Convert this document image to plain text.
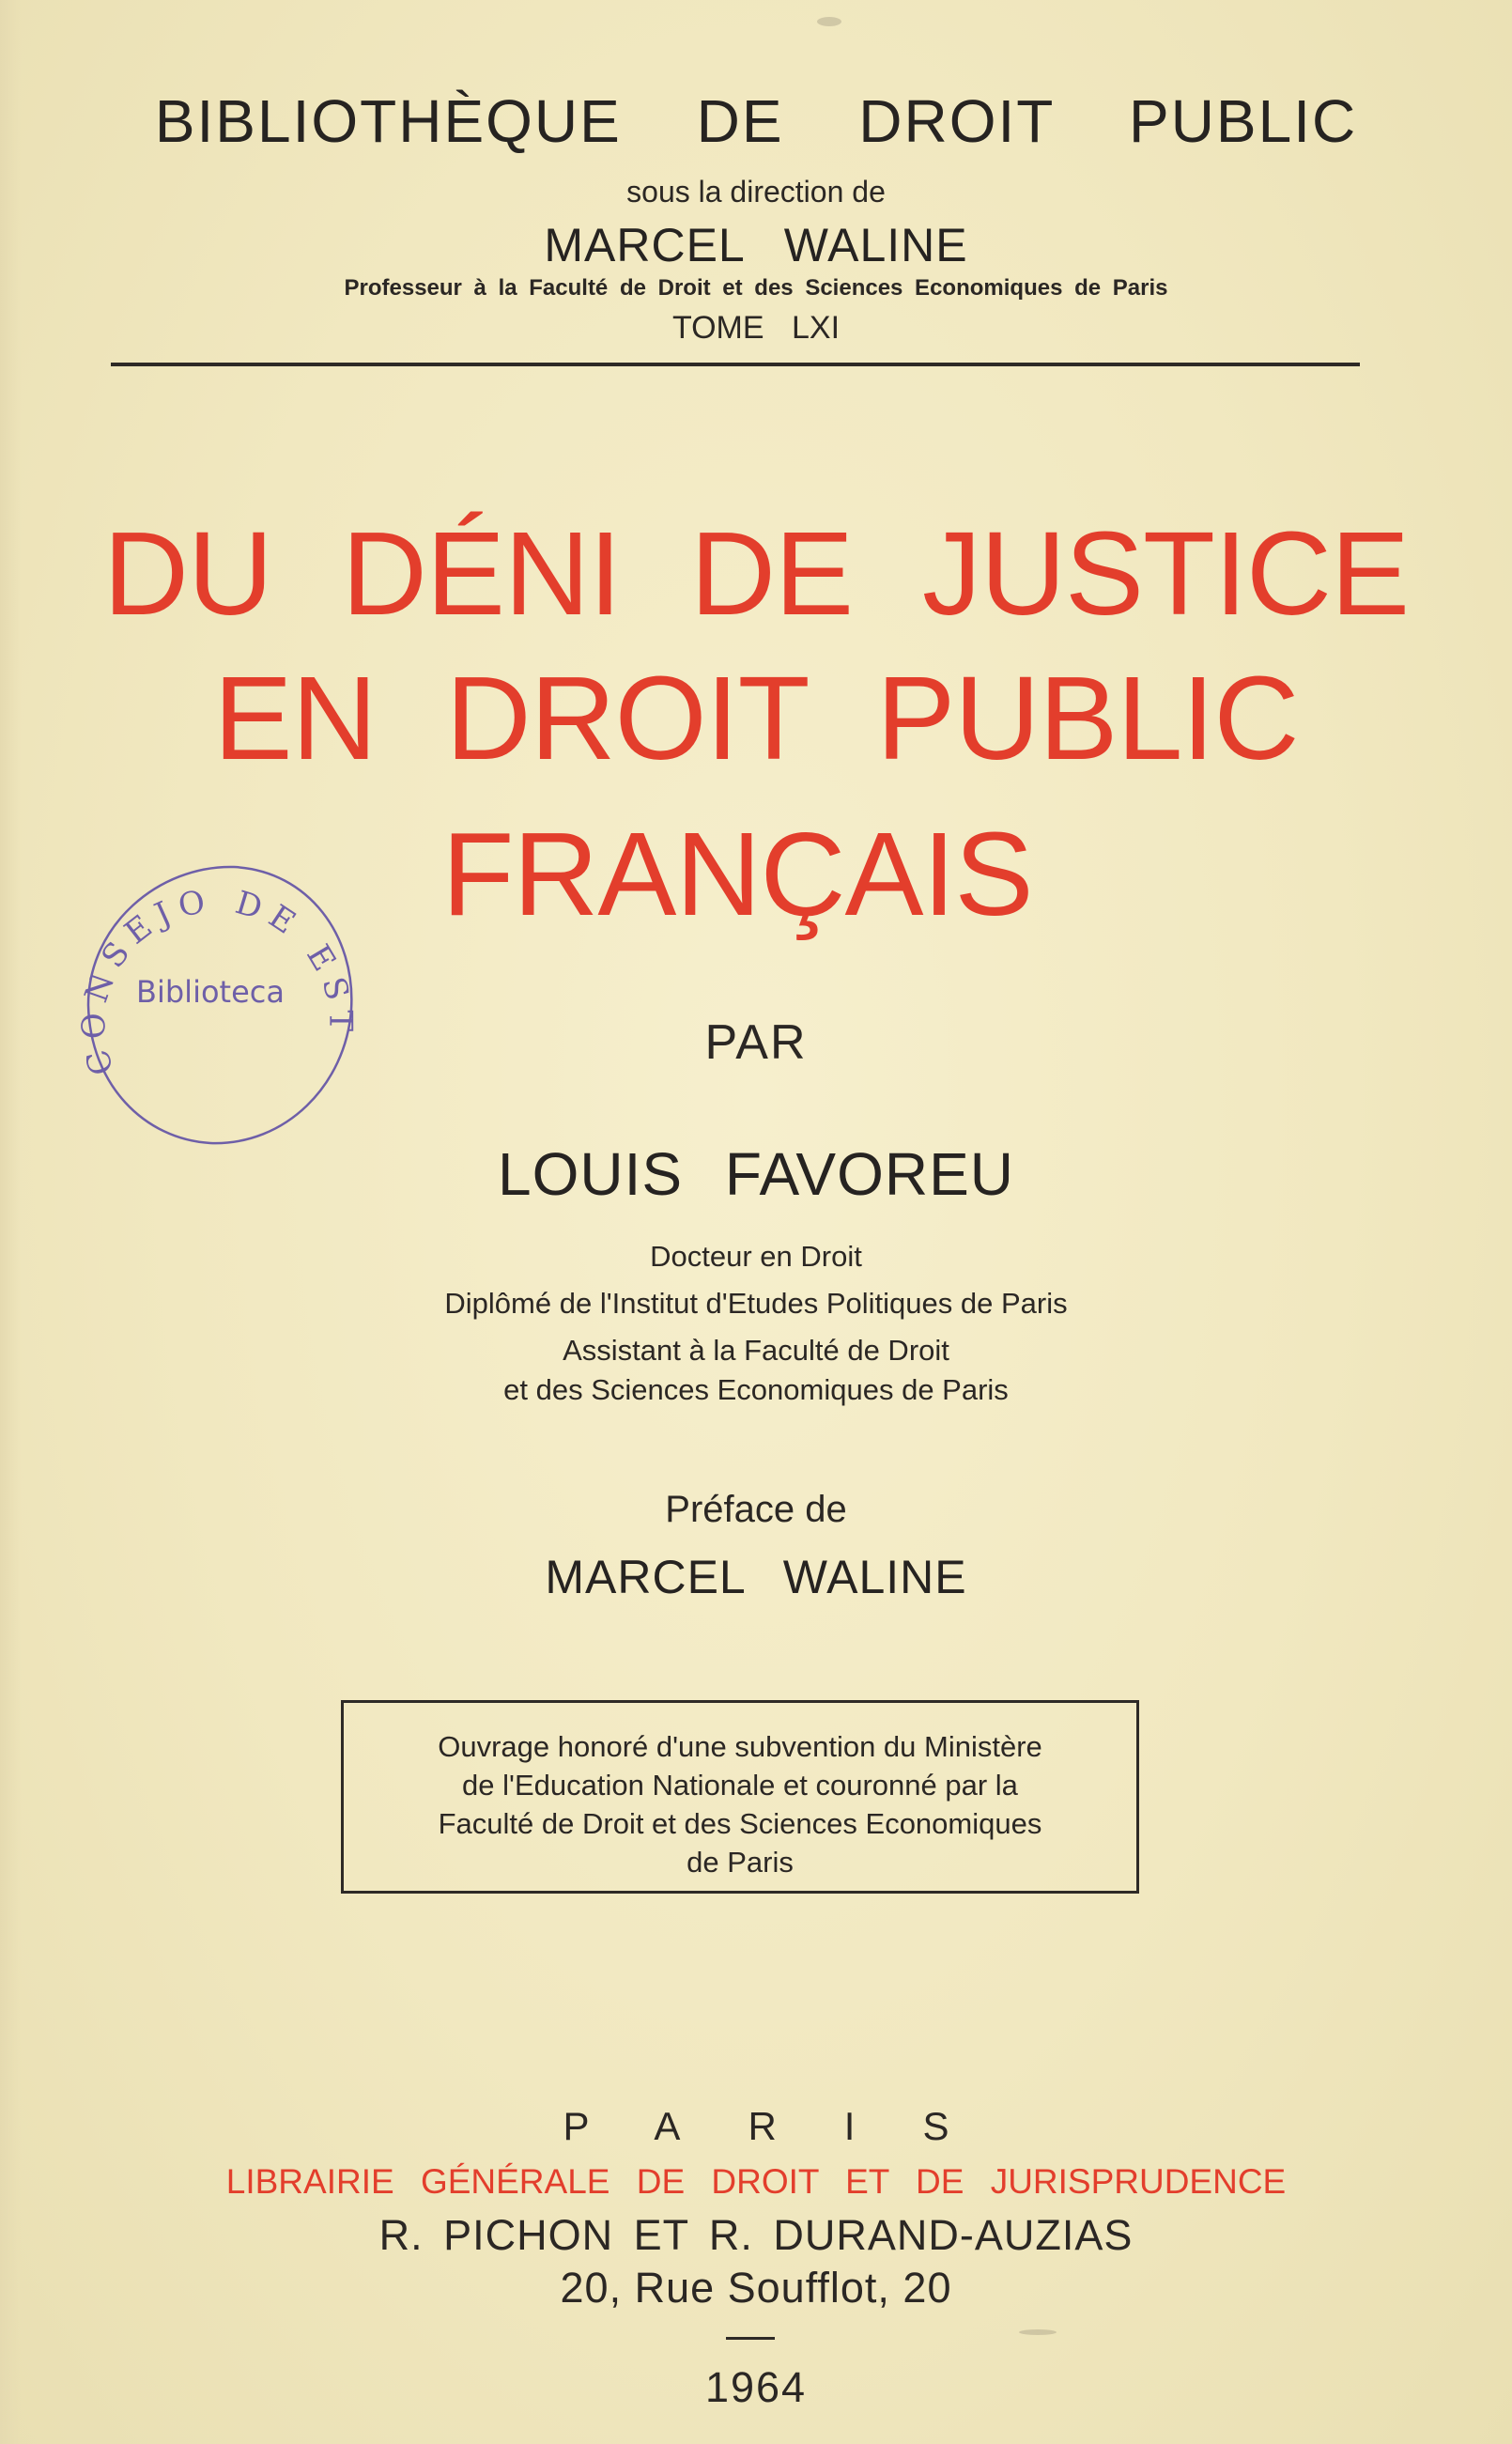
BIBLIOTHÈQUE DE DROIT PUBLIC

sous la direction de

MARCEL WALINE

Professeur à la Faculté de Droit et des Sciences Economiques de Paris

TOME LXI

DU DÉNI DE JUSTICE

EN DROIT PUBLIC

FRANÇAIS

CONSEJO DE EST
Biblioteca

PAR

LOUIS FAVOREU

Docteur en Droit

Diplômé de l'Institut d'Etudes Politiques de Paris

Assistant à la Faculté de Droit

et des Sciences Economiques de Paris

Préface de

MARCEL WALINE

Ouvrage honoré d'une subvention du Ministère
de l'Education Nationale et couronné par la
Faculté de Droit et des Sciences Economiques
de Paris

PARIS

LIBRAIRIE GÉNÉRALE DE DROIT ET DE JURISPRUDENCE

R. PICHON ET R. DURAND-AUZIAS

20, Rue Soufflot, 20

1964
